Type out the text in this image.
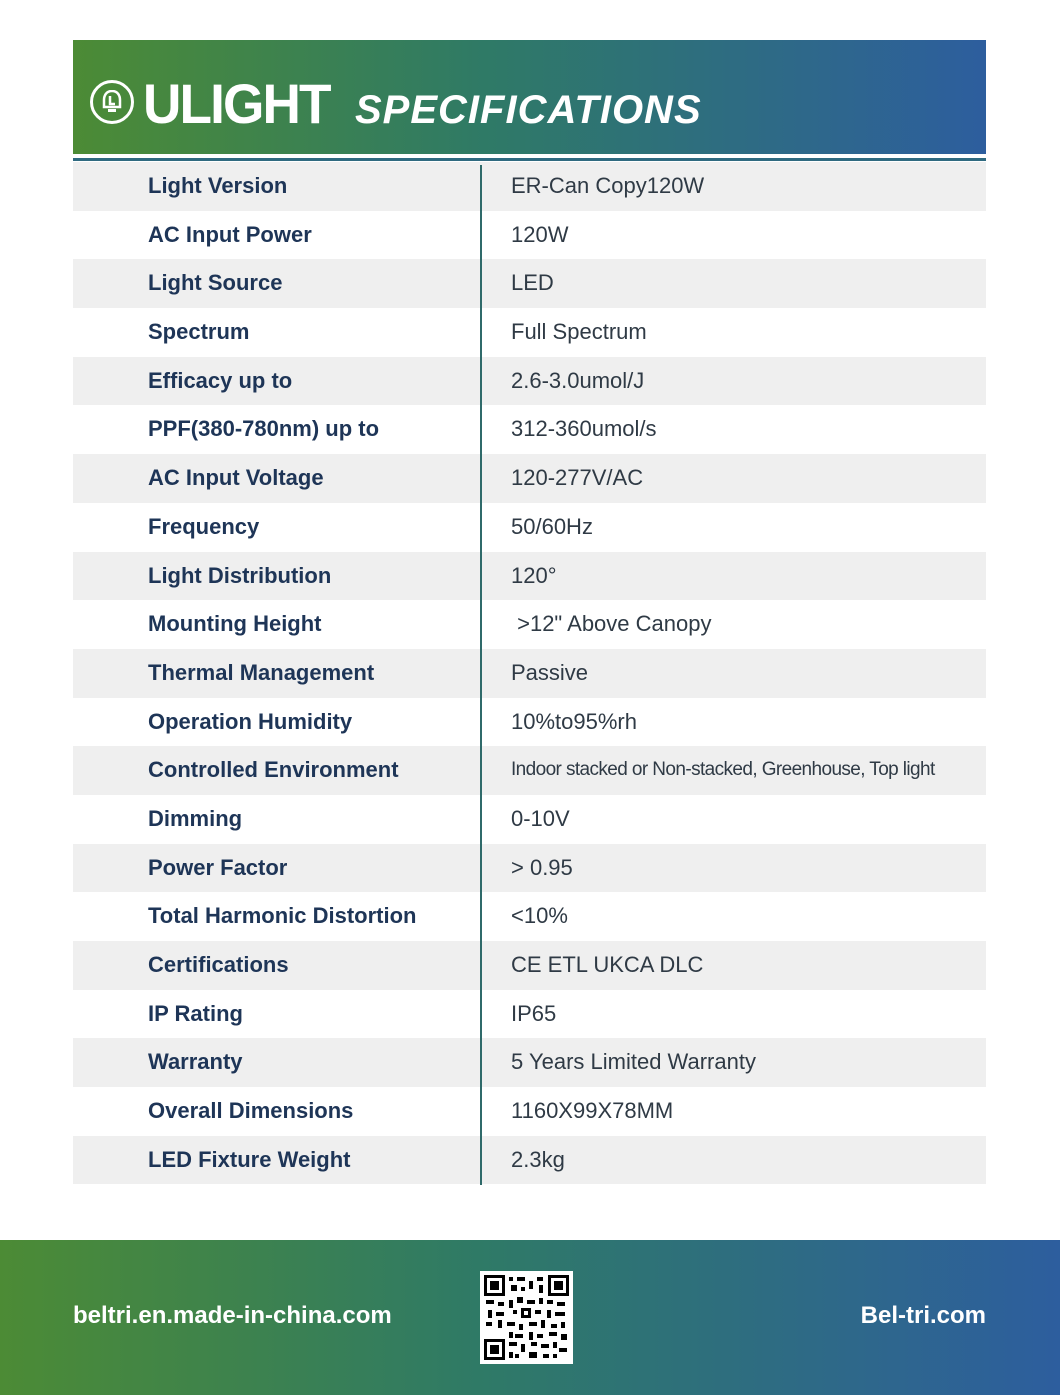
ULIGHT SPECIFICATIONS
Light Version	ER-Can Copy120W
AC Input Power	120W
Light Source	LED
Spectrum	Full Spectrum
Efficacy up to	2.6-3.0umol/J
PPF(380-780nm) up to	312-360umol/s
AC Input Voltage	120-277V/AC
Frequency	50/60Hz
Light Distribution	120°
Mounting Height	>12" Above Canopy
Thermal Management	Passive
Operation Humidity	10%to95%rh
Controlled Environment	Indoor stacked or Non-stacked, Greenhouse, Top light
Dimming	0-10V
Power Factor	> 0.95
Total Harmonic Distortion	<10%
Certifications	CE ETL UKCA DLC
IP Rating	IP65
Warranty	5 Years Limited Warranty
Overall Dimensions	1160X99X78MM
LED Fixture Weight	2.3kg
beltri.en.made-in-china.com	Bel-tri.com
